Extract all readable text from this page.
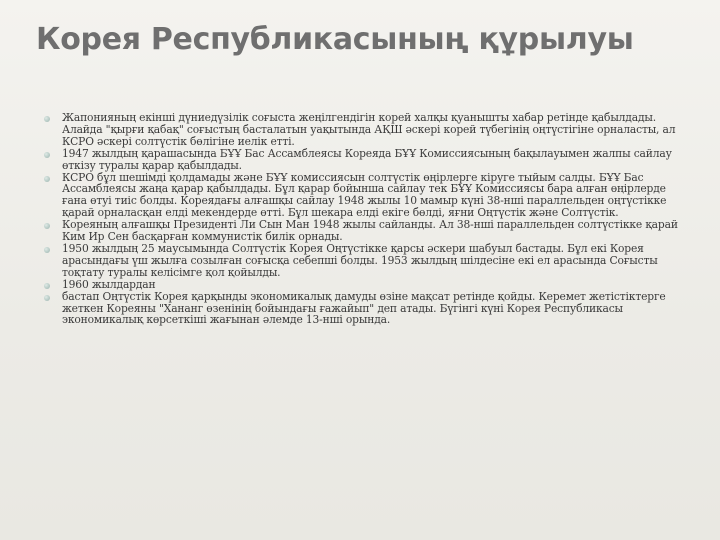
Корея Республикасының құрылуы
Жапонияның екінші дүниедүзілік соғыста жеңілгендігін корей халқы қуанышты хабар ретінде қабылдады. Алайда "қырғи қабақ" соғыстың басталатын уақытында АҚШ әскері корей түбегінің оңтүстігіне орналасты, ал КСРО әскері солтүстік бөлігіне иелік етті.
1947 жылдың қарашасында БҰҰ Бас Ассамблеясы Кореяда БҰҰ Комиссиясының бақылауымен жалпы сайлау өткізу туралы қарар қабылдады.
КСРО бұл шешімді қолдамады және БҰҰ комиссиясын солтүстік өңірлерге кіруге тыйым салды. БҰҰ Бас Ассамблеясы жаңа қарар қабылдады. Бұл қарар бойынша сайлау тек БҰҰ Комиссиясы бара алған өңірлерде ғана өтуі тиіс болды. Кореядағы алғашқы сайлау 1948 жылы 10 мамыр күні 38-нші параллельден оңтүстікке қарай орналасқан елді мекендерде өтті. Бұл шекара елді екіге бөлді, яғни Оңтүстік және Солтүстік.
Кореяның алғашқы Президенті Ли Сын Ман 1948 жылы сайланды. Ал 38-нші параллельден солтүстікке қарай Ким Ир Сен басқарған коммунистік билік орнады.
1950 жылдың 25 маусымында Солтүстік Корея Оңтүстікке қарсы әскери шабуыл бастады. Бұл екі Корея арасындағы үш жылға созылған соғысқа себепші болды. 1953 жылдың шілдесіне екі ел арасында Соғысты тоқтату туралы келісімге қол қойылды.
1960 жылдардан
бастап Оңтүстік Корея қарқынды экономикалық дамуды өзіне мақсат ретінде қойды. Керемет жетістіктерге жеткен Кореяны "Хананг өзенінің бойындағы ғажайып" деп атады. Бүгінгі күні Корея Республикасы экономикалық көрсеткіші жағынан әлемде 13-нші орында.
